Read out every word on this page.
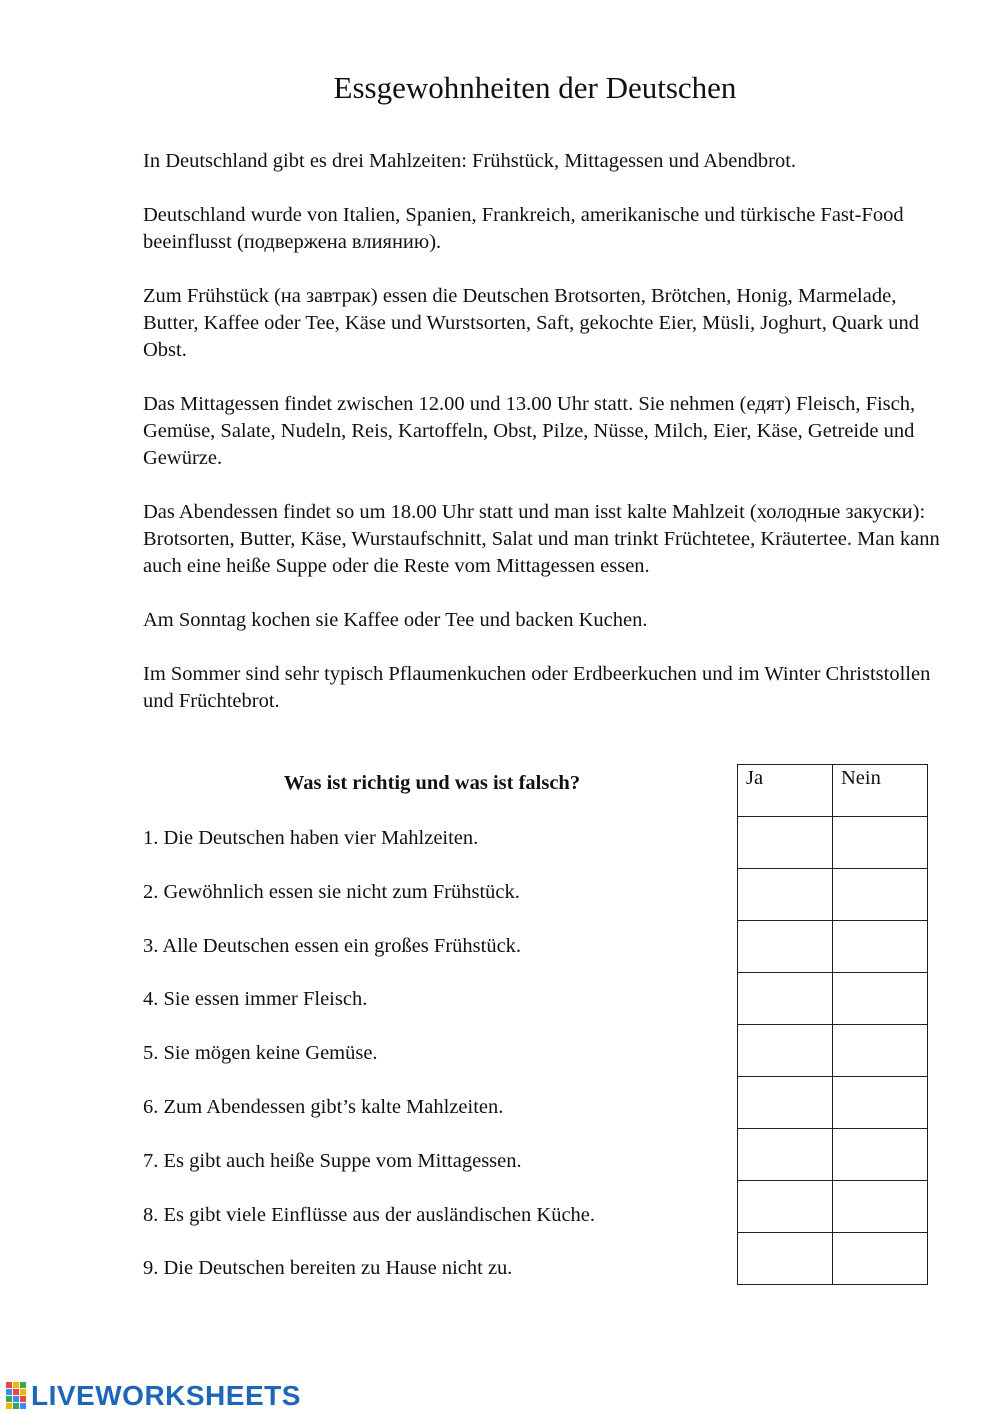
Essgewohnheiten der Deutschen

In Deutschland gibt es drei Mahlzeiten: Frühstück, Mittagessen und Abendbrot.

Deutschland wurde von Italien, Spanien, Frankreich, amerikanische und türkische Fast-Food beeinflusst (подвержена влиянию).

Zum Frühstück (на завтрак) essen die Deutschen Brotsorten, Brötchen, Honig, Marmelade, Butter, Kaffee oder Tee, Käse und Wurstsorten, Saft, gekochte Eier, Müsli, Joghurt, Quark und Obst.

Das Mittagessen findet zwischen 12.00 und 13.00 Uhr statt. Sie nehmen (едят) Fleisch, Fisch, Gemüse, Salate, Nudeln, Reis, Kartoffeln, Obst, Pilze, Nüsse, Milch, Eier, Käse, Getreide und Gewürze.

Das Abendessen findet so um 18.00 Uhr statt und man isst kalte Mahlzeit (холодные закуски): Brotsorten, Butter, Käse, Wurstaufschnitt, Salat und man trinkt Früchtetee, Kräutertee. Man kann auch eine heiße Suppe oder die Reste vom Mittagessen essen.

Am Sonntag kochen sie Kaffee oder Tee und backen Kuchen.

Im Sommer sind sehr typisch Pflaumenkuchen oder Erdbeerkuchen und im Winter Christstollen und Früchtebrot.

Was ist richtig und was ist falsch?
1. Die Deutschen haben vier Mahlzeiten.
2. Gewöhnlich essen sie nicht zum Frühstück.
3. Alle Deutschen essen ein großes Frühstück.
4. Sie essen immer Fleisch.
5. Sie mögen keine Gemüse.
6. Zum Abendessen gibt’s kalte Mahlzeiten.
7. Es gibt auch heiße Suppe vom Mittagessen.
8. Es gibt viele Einflüsse aus der ausländischen Küche.
9. Die Deutschen bereiten zu Hause nicht zu.
Ja	Nein

LIVEWORKSHEETS
